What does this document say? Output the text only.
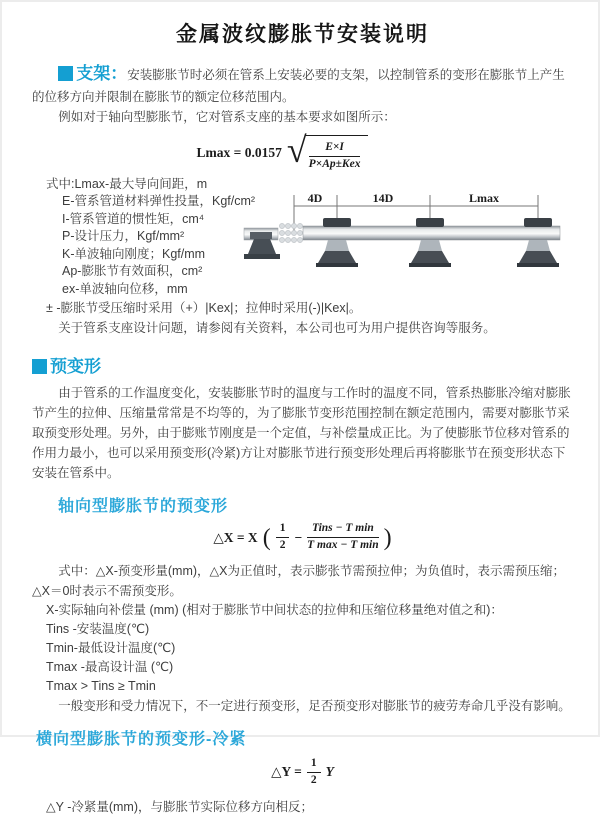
金属波纹膨胀节安装说明

支架：安装膨胀节时必须在管系上安装必要的支架，以控制管系的变形在膨胀节上产生的位移方向并限制在膨胀节的额定位移范围内。

例如对于轴向型膨胀节，它对管系支座的基本要求如图所示：

Lmax = 0.0157 √	E×I
P×Ap±Kex
式中:Lmax-最大导向间距，m
E-管系管道材料弹性投量，Kgf/cm²
I-管系管道的惯性矩，cm⁴
P-设计压力，Kgf/mm²
K-单波轴向刚度；Kgf/mm
Ap-膨胀节有效面积，cm²
ex-单波轴向位移，mm
± -膨胀节受压缩时采用（+）|Kex|；拉伸时采用(-)|Kex|。
关于管系支座设计问题，请参阅有关资料，本公司也可为用户提供咨询等服务。
预变形

由于管系的工作温度变化，安装膨胀节时的温度与工作时的温度不同，管系热膨胀冷缩对膨胀节产生的拉伸、压缩量常常是不均等的，为了膨胀节变形范围控制在额定范围内，需要对膨胀节采取预变形处理。另外，由于膨账节刚度是一个定值，与补偿量成正比。为了使膨胀节位移对管系的作用力最小，也可以采用预变形(冷紧)方让对膨胀节进行预变形处理后再将膨胀节在预变形状态下安装在管系中。

轴向型膨胀节的预变形
△X = X ( $\frac{1}{2}$ −
Tins − T min
T max − T min )

式中：△X-预变形量(mm)，△X为正值时，表示膨张节需预拉伸；为负值时，表示需预压缩；△X＝0时表示不需预变形。

X-实际轴向补偿量 (mm) (相对于膨胀节中间状态的拉伸和压缩位移量绝对值之和)：
Tins -安装温度(℃)
Tmin-最低设计温度(℃)
Tmax -最高设计温 (℃)
Tmax > Tins ≥ Tmin

一般变形和受力情况下，不一定进行预变形，足否预变形对膨胀节的疲劳寿命几乎没有影响。

横向型膨胀节的预变形-冷紧
△Y = $\frac{1}{2}$ Y
△Y -冷紧量(mm)，与膨胀节实际位移方向相反；
4D	14D	Lmax
